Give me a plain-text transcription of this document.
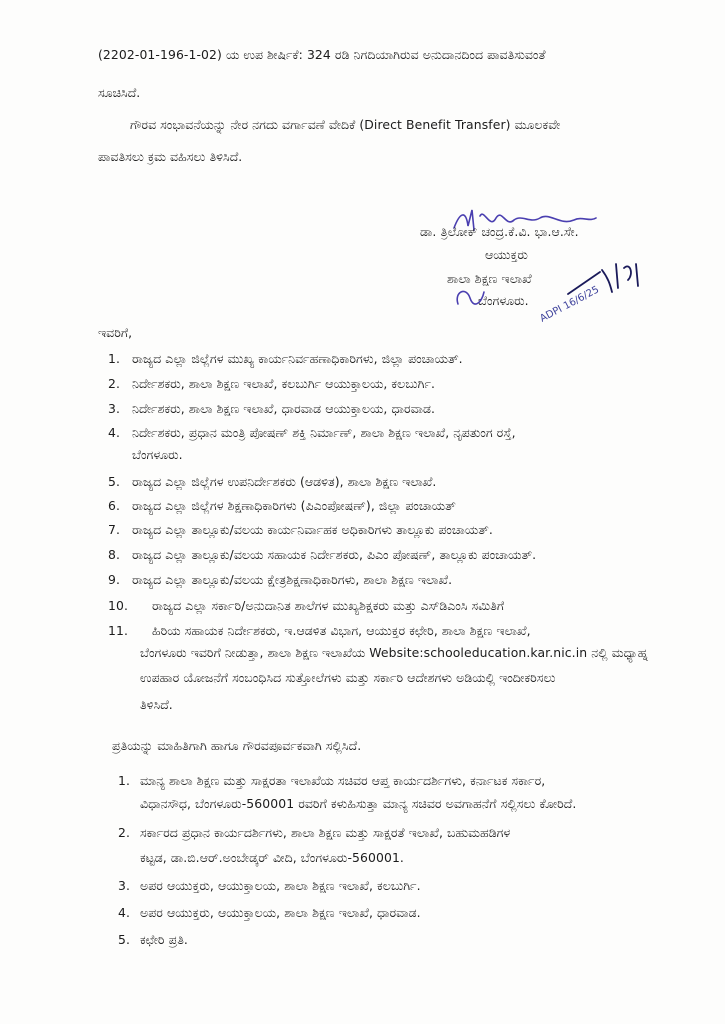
(2202-01-196-1-02) ಯ ಉಪ ಶೀರ್ಷಿಕೆ: 324 ರಡಿ ನಿಗದಿಯಾಗಿರುವ ಅನುದಾನದಿಂದ ಪಾವತಿಸುವಂತೆ
ಸೂಚಿಸಿದೆ.
ಗೌರವ ಸಂಭಾವನೆಯನ್ನು ನೇರ ನಗದು ವರ್ಗಾವಣೆ ವೇದಿಕೆ (Direct Benefit Transfer) ಮೂಲಕವೇ
ಪಾವತಿಸಲು ಕ್ರಮ ವಹಿಸಲು ತಿಳಿಸಿದೆ.
ಡಾ. ತ್ರಿಲೋಕ್ ಚಂದ್ರ.ಕೆ.ವಿ. ಭಾ.ಆ.ಸೇ.
ಆಯುಕ್ತರು
ಶಾಲಾ ಶಿಕ್ಷಣ ಇಲಾಖೆ
ಬೆಂಗಳೂರು. ADPI 16/6/25
ಇವರಿಗೆ,
1. ರಾಜ್ಯದ ಎಲ್ಲಾ ಜಿಲ್ಲೆಗಳ ಮುಖ್ಯ ಕಾರ್ಯನಿರ್ವಹಣಾಧಿಕಾರಿಗಳು, ಜಿಲ್ಲಾ ಪಂಚಾಯತ್.
2. ನಿರ್ದೇಶಕರು, ಶಾಲಾ ಶಿಕ್ಷಣ ಇಲಾಖೆ, ಕಲಬುರ್ಗಿ ಆಯುಕ್ತಾಲಯ, ಕಲಬುರ್ಗಿ.
3. ನಿರ್ದೇಶಕರು, ಶಾಲಾ ಶಿಕ್ಷಣ ಇಲಾಖೆ, ಧಾರವಾಡ ಆಯುಕ್ತಾಲಯ, ಧಾರವಾಡ.
4. ನಿರ್ದೇಶಕರು, ಪ್ರಧಾನ ಮಂತ್ರಿ ಪೋಷಣ್ ಶಕ್ತಿ ನಿರ್ಮಾಣ್, ಶಾಲಾ ಶಿಕ್ಷಣ ಇಲಾಖೆ, ನೃಪತುಂಗ ರಸ್ತೆ,
ಬೆಂಗಳೂರು.
5. ರಾಜ್ಯದ ಎಲ್ಲಾ ಜಿಲ್ಲೆಗಳ ಉಪನಿರ್ದೇಶಕರು (ಆಡಳಿತ), ಶಾಲಾ ಶಿಕ್ಷಣ ಇಲಾಖೆ.
6. ರಾಜ್ಯದ ಎಲ್ಲಾ ಜಿಲ್ಲೆಗಳ ಶಿಕ್ಷಣಾಧಿಕಾರಿಗಳು (ಪಿಎಂಪೋಷಣ್), ಜಿಲ್ಲಾ ಪಂಚಾಯತ್
7. ರಾಜ್ಯದ ಎಲ್ಲಾ ತಾಲ್ಲೂಕು/ವಲಯ ಕಾರ್ಯನಿರ್ವಾಹಕ ಅಧಿಕಾರಿಗಳು ತಾಲ್ಲೂಕು ಪಂಚಾಯತ್.
8. ರಾಜ್ಯದ ಎಲ್ಲಾ ತಾಲ್ಲೂಕು/ವಲಯ ಸಹಾಯಕ ನಿರ್ದೇಶಕರು, ಪಿಎಂ ಪೋಷಣ್, ತಾಲ್ಲೂಕು ಪಂಚಾಯತ್.
9. ರಾಜ್ಯದ ಎಲ್ಲಾ ತಾಲ್ಲೂಕು/ವಲಯ ಕ್ಷೇತ್ರಶಿಕ್ಷಣಾಧಿಕಾರಿಗಳು, ಶಾಲಾ ಶಿಕ್ಷಣ ಇಲಾಖೆ.
10. ರಾಜ್ಯದ ಎಲ್ಲಾ ಸರ್ಕಾರಿ/ಅನುದಾನಿತ ಶಾಲೆಗಳ ಮುಖ್ಯಶಿಕ್ಷಕರು ಮತ್ತು ಎಸ್‌ಡಿಎಂಸಿ ಸಮಿತಿಗೆ
11. ಹಿರಿಯ ಸಹಾಯಕ ನಿರ್ದೇಶಕರು, ಇ.ಆಡಳಿತ ವಿಭಾಗ, ಆಯುಕ್ತರ ಕಛೇರಿ, ಶಾಲಾ ಶಿಕ್ಷಣ ಇಲಾಖೆ,
ಬೆಂಗಳೂರು ಇವರಿಗೆ ನೀಡುತ್ತಾ, ಶಾಲಾ ಶಿಕ್ಷಣ ಇಲಾಖೆಯ Website:schooleducation.kar.nic.in ನಲ್ಲಿ ಮಧ್ಯಾಹ್ನ
ಉಪಹಾರ ಯೋಜನೆಗೆ ಸಂಬಂಧಿಸಿದ ಸುತ್ತೋಲೆಗಳು ಮತ್ತು ಸರ್ಕಾರಿ ಆದೇಶಗಳು ಅಡಿಯಲ್ಲಿ ಇಂದೀಕರಿಸಲು
ತಿಳಿಸಿದೆ.
ಪ್ರತಿಯನ್ನು ಮಾಹಿತಿಗಾಗಿ ಹಾಗೂ ಗೌರವಪೂರ್ವಕವಾಗಿ ಸಲ್ಲಿಸಿದೆ.
1. ಮಾನ್ಯ ಶಾಲಾ ಶಿಕ್ಷಣ ಮತ್ತು ಸಾಕ್ಷರತಾ ಇಲಾಖೆಯ ಸಚಿವರ ಆಪ್ತ ಕಾರ್ಯದರ್ಶಿಗಳು, ಕರ್ನಾಟಕ ಸರ್ಕಾರ,
ವಿಧಾನಸೌಧ, ಬೆಂಗಳೂರು-560001 ರವರಿಗೆ ಕಳುಹಿಸುತ್ತಾ ಮಾನ್ಯ ಸಚಿವರ ಅವಗಾಹನೆಗೆ ಸಲ್ಲಿಸಲು ಕೋರಿದೆ.
2. ಸರ್ಕಾರದ ಪ್ರಧಾನ ಕಾರ್ಯದರ್ಶಿಗಳು, ಶಾಲಾ ಶಿಕ್ಷಣ ಮತ್ತು ಸಾಕ್ಷರತೆ ಇಲಾಖೆ, ಬಹುಮಹಡಿಗಳ
ಕಟ್ಟಡ, ಡಾ.ಬಿ.ಆರ್.ಅಂಬೇಡ್ಕರ್ ವೀದಿ, ಬೆಂಗಳೂರು-560001.
3. ಅಪರ ಆಯುಕ್ತರು, ಆಯುಕ್ತಾಲಯ, ಶಾಲಾ ಶಿಕ್ಷಣ ಇಲಾಖೆ, ಕಲಬುರ್ಗಿ.
4. ಅಪರ ಆಯುಕ್ತರು, ಆಯುಕ್ತಾಲಯ, ಶಾಲಾ ಶಿಕ್ಷಣ ಇಲಾಖೆ, ಧಾರವಾಡ.
5. ಕಛೇರಿ ಪ್ರತಿ.
